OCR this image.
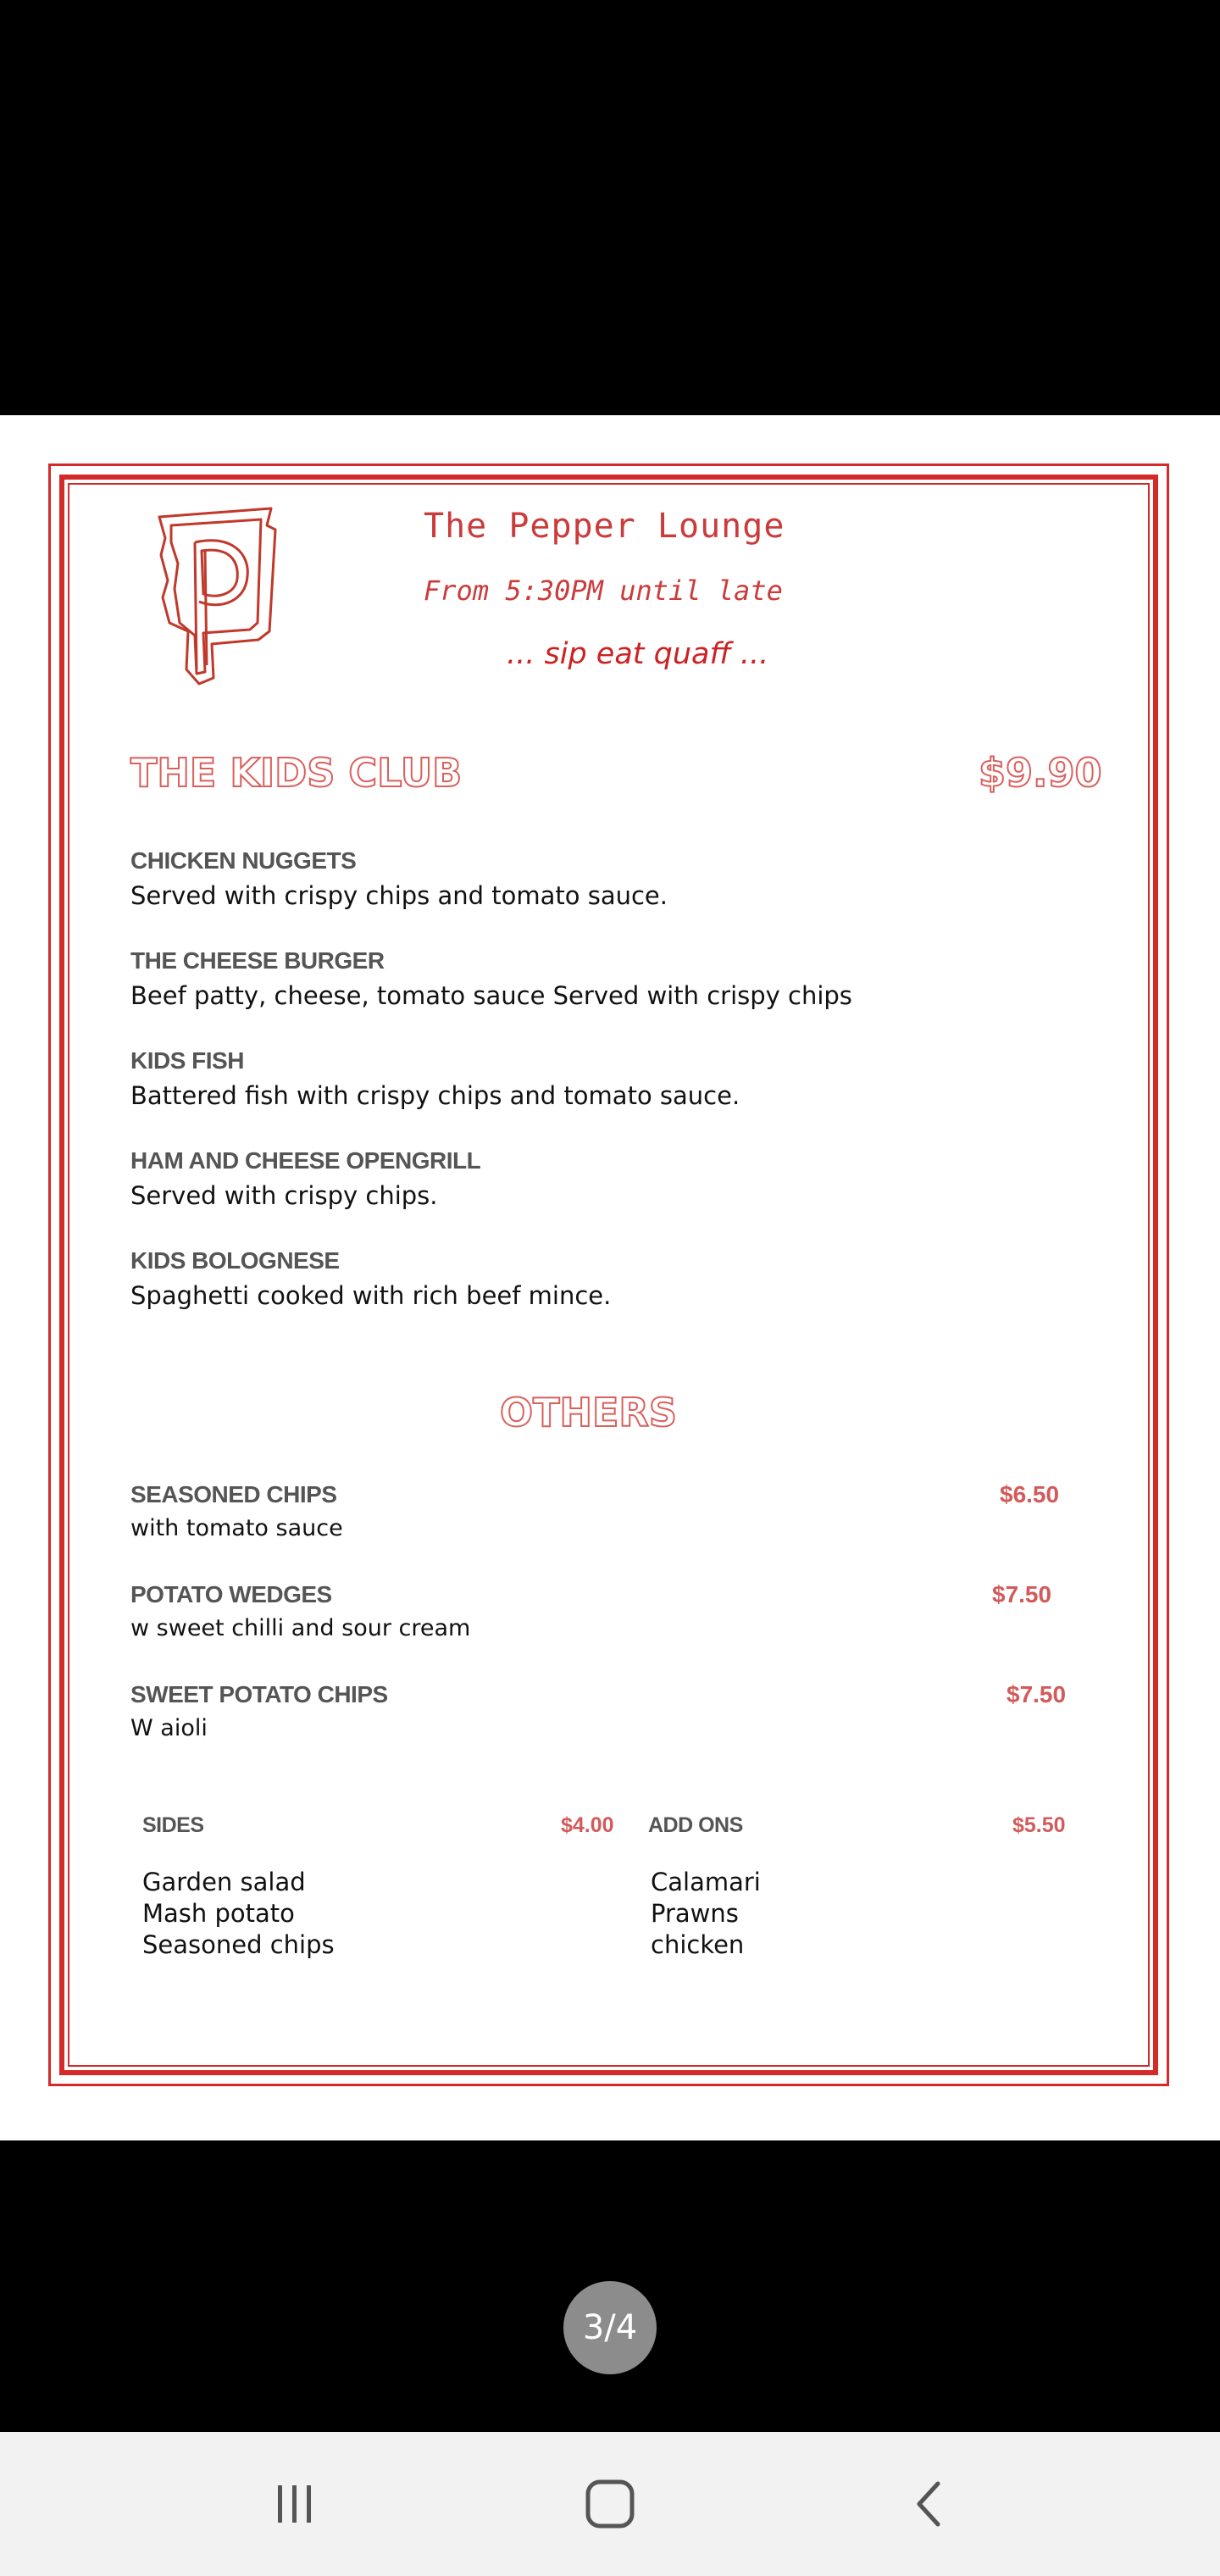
The Pepper Lounge
From 5:30PM until late
... sip eat quaff ...
THE KIDS CLUB	$9.90
CHICKEN NUGGETS
Served with crispy chips and tomato sauce.
THE CHEESE BURGER
Beef patty, cheese, tomato sauce Served with crispy chips
KIDS FISH
Battered fish with crispy chips and tomato sauce.
HAM AND CHEESE OPENGRILL
Served with crispy chips.
KIDS BOLOGNESE
Spaghetti cooked with rich beef mince.
OTHERS
SEASONED CHIPS	$6.50
with tomato sauce
POTATO WEDGES	$7.50
w sweet chilli and sour cream
SWEET POTATO CHIPS	$7.50
W aioli
SIDES	$4.00
Garden salad
Mash potato
Seasoned chips
ADD ONS	$5.50
Calamari
Prawns
chicken
3/4
